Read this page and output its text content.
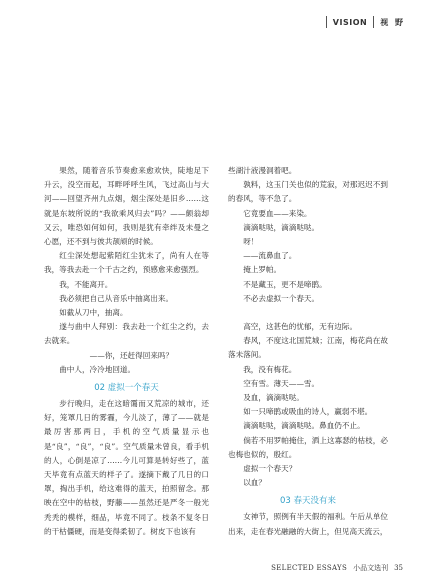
VISION 视 野

果然，随着音乐节奏愈来愈欢快，陡地足下升云，没空而起，耳畔呼呼生风，飞过高山与大河——回望齐州九点烟，烟尘深处是旧乡……这就是东坡所说的“我欲乘风归去”吗？——颇翁却又云，唯恐如何如何，我则是犹有牵绊及未曼之心愿，还不到与彼共颉颃的时候。

红尘深处想起紫陌红尘犹未了，尚有人在等我，等我去赴一个千古之约，预感愈来愈强烈。

我，不能离开。

我必须把自己从音乐中抽离出来。

如截从刀中，抽离。

遂与曲中人拜别：我去赴一个红尘之约，去去就来。

——你，还赶得回来吗？

曲中人，冷冷地回道。

02 虚拟一个春天

步行晚归，走在这暗霭而又荒凉的城市，还好，笼罩几日的雾霾，今儿淡了，薄了——就是最厉害那两日，手机的空气质量显示也是“良”，“良”，“良”。空气质量未曾良，看手机的人，心倒是凉了……今儿可算是转好些了，蓝天毕竟有点蓝天的样子了。遂摘下戴了几日的口罩，掏出手机，给这难得的蓝天，拍照留念。那映在空中的枯枝，野藤——虽然还是严冬一般光秃秃的模样，细品，毕竟不同了。枝条不复冬日的干枯僵硬，而是变得柔韧了。树皮下也该有

些湖汁液漫洞着吧。

孰料，这玉门关也似的荒寂，对那迟迟不到的春风，等不急了。

它竟要血——来染。

滴滴哒哒，滴滴哒哒。

呀！

——流鼻血了。

掩上罗帕。

不是藏玉，更不是啼鹃。

不必去虚拟一个春天。

高空，这甚色的忧郁，无有边际。

春风，不度这北国荒城；江南，梅花尚在故落未落间。

我，没有梅花。

空有雪。薄天——雪。

及血，滴滴哒哒。

如一只啼鹃或吸血的诗人，赢弱不堪。

滴滴哒哒，滴滴哒哒。鼻血仍不止。

倘若不用罗帕掩住，洒上这寡瑟的枯枝，必也梅也似的，殷红。

虚拟一个春天？

以血？

03 春天没有来

女神节，照例有半天假的福利。午后从单位出来，走在春光融融的大街上，但见高天流云，

SELECTED ESSAYS 小品文选刊 35
